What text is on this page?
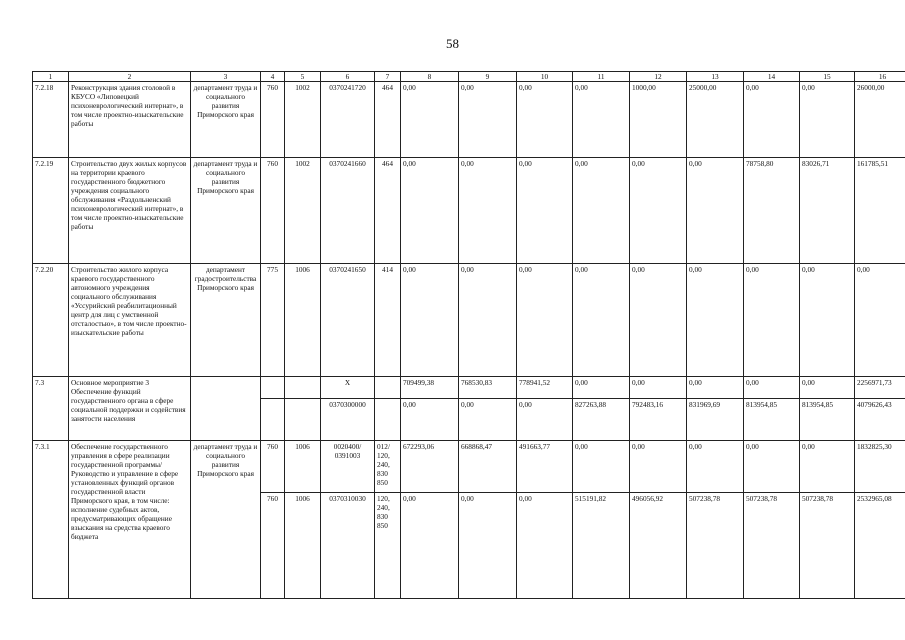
58
1	2	3	4	5	6	7	8	9	10	11	12	13	14	15	16
7.2.18	Реконструкция здания столовой в КБУСО «Липовецкий психоневрологический интернат», в том числе проектно-изыскательские работы	департамент труда и социального развития Приморского края	760	1002	0370241720	464	0,00	0,00	0,00	0,00	1000,00	25000,00	0,00	0,00	26000,00
7.2.19	Строительство двух жилых корпусов на территории краевого государственного бюджетного учреждения социального обслуживания «Раздольненский психоневрологический интернат», в том числе проектно-изыскательские работы	департамент труда и социального развития Приморского края	760	1002	0370241660	464	0,00	0,00	0,00	0,00	0,00	0,00	78758,80	83026,71	161785,51
7.2.20	Строительство жилого корпуса краевого государственного автономного учреждения социального обслуживания «Уссурийский реабилитационный центр для лиц с умственной отсталостью», в том числе проектно-изыскательские работы	департамент градостроительства Приморского края	775	1006	0370241650	414	0,00	0,00	0,00	0,00	0,00	0,00	0,00	0,00	0,00
7.3	Основное мероприятие 3 Обеспечение функций государственного органа в сфере социальной поддержки и содействия занятости населения				Х		709499,38	768530,83	778941,52	0,00	0,00	0,00	0,00	0,00	2256971,73
					0370300000		0,00	0,00	0,00	827263,88	792483,16	831969,69	813954,85	813954,85	4079626,43
7.3.1	Обеспечение государственного управления в сфере реализации государственной программы/ Руководство и управление в сфере установленных функций органов государственной власти Приморского края, в том числе: исполнение судебных актов, предусматривающих обращение взыскания на средства краевого бюджета	департамент труда и социального развития Приморского края	760	1006	0020400/ 0391003	012/ 120, 240, 830 850	672293,06	668868,47	491663,77	0,00	0,00	0,00	0,00	0,00	1832825,30
			760	1006	0370310030	120, 240, 830 850	0,00	0,00	0,00	515191,82	496056,92	507238,78	507238,78	507238,78	2532965,08
